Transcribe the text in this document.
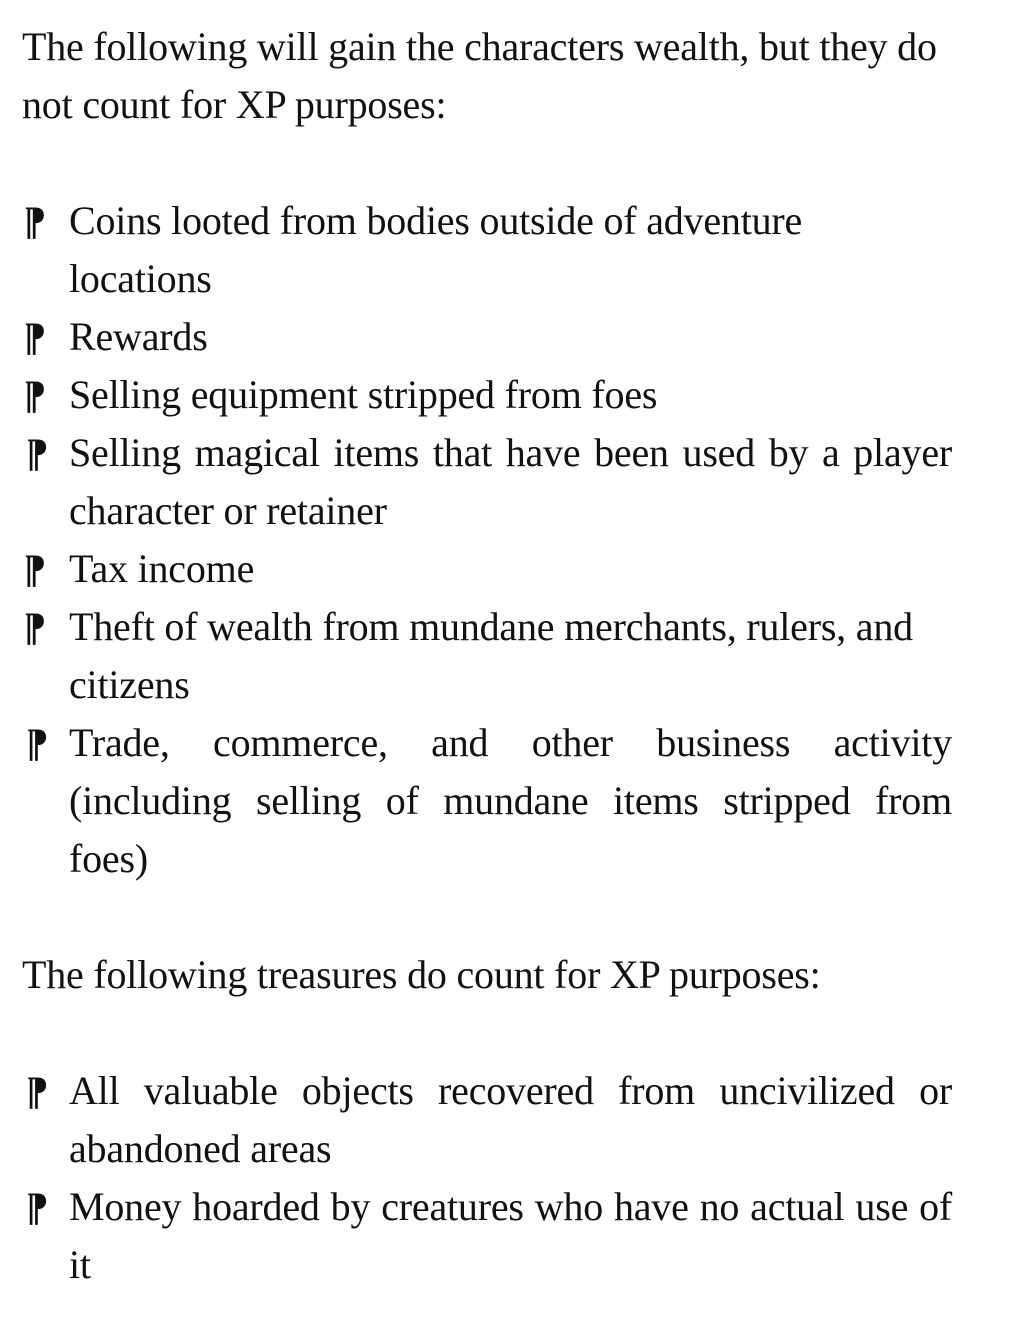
The following will gain the characters wealth, but they do not count for XP purposes:

¶ Coins looted from bodies outside of adventure locations
¶ Rewards
¶ Selling equipment stripped from foes
¶ Selling magical items that have been used by a player character or retainer
¶ Tax income
¶ Theft of wealth from mundane merchants, rulers, and citizens
¶ Trade, commerce, and other business activity (including selling of mundane items stripped from foes)

The following treasures do count for XP purposes:

¶ All valuable objects recovered from uncivilized or abandoned areas
¶ Money hoarded by creatures who have no actual use of it
